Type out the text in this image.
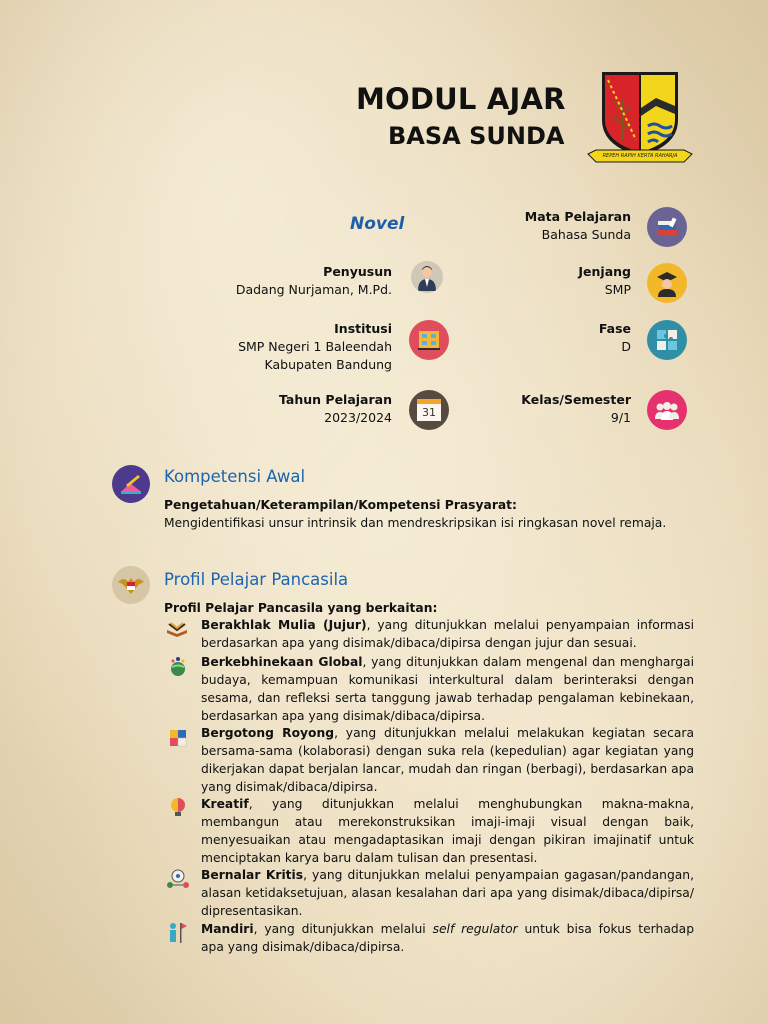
MODUL AJAR
BASA SUNDA
REPEH RAPIH KERTA RAHARJA
Novel	Mata Pelajaran
Bahasa Sunda
Penyusun
Dadang Nurjaman, M.Pd.
Jenjang
SMP
Institusi
SMP Negeri 1 Baleendah
Kabupaten Bandung
Fase
D
Tahun Pelajaran
2023/2024	31
Kelas/Semester
9/1
Kompetensi Awal
Pengetahuan/Keterampilan/Kompetensi Prasyarat:
Mengidentifikasi unsur intrinsik dan mendreskripsikan isi ringkasan novel remaja.
Profil Pelajar Pancasila
Profil Pelajar Pancasila yang berkaitan:
Berakhlak Mulia (Jujur), yang ditunjukkan melalui penyampaian informasi berdasarkan apa yang disimak/dibaca/dipirsa dengan jujur dan sesuai.
Berkebhinekaan Global, yang ditunjukkan dalam mengenal dan menghargai budaya, kemampuan komunikasi interkultural dalam berinteraksi dengan sesama, dan refleksi serta tanggung jawab terhadap pengalaman kebinekaan, berdasarkan apa yang disimak/dibaca/dipirsa.
Bergotong Royong, yang ditunjukkan melalui melakukan kegiatan secara bersama-sama (kolaborasi) dengan suka rela (kepedulian) agar kegiatan yang dikerjakan dapat berjalan lancar, mudah dan ringan (berbagi), berdasarkan apa yang disimak/dibaca/dipirsa.
Kreatif, yang ditunjukkan melalui menghubungkan makna-makna, membangun atau merekonstruksikan imaji-imaji visual dengan baik, menyesuaikan atau mengadaptasikan imaji dengan pikiran imajinatif untuk menciptakan karya baru dalam tulisan dan presentasi.
Bernalar Kritis, yang ditunjukkan melalui penyampaian gagasan/pandangan, alasan ketidaksetujuan, alasan kesalahan dari apa yang disimak/dibaca/dipirsa/ dipresentasikan.
Mandiri, yang ditunjukkan melalui self regulator untuk bisa fokus terhadap apa yang disimak/dibaca/dipirsa.
